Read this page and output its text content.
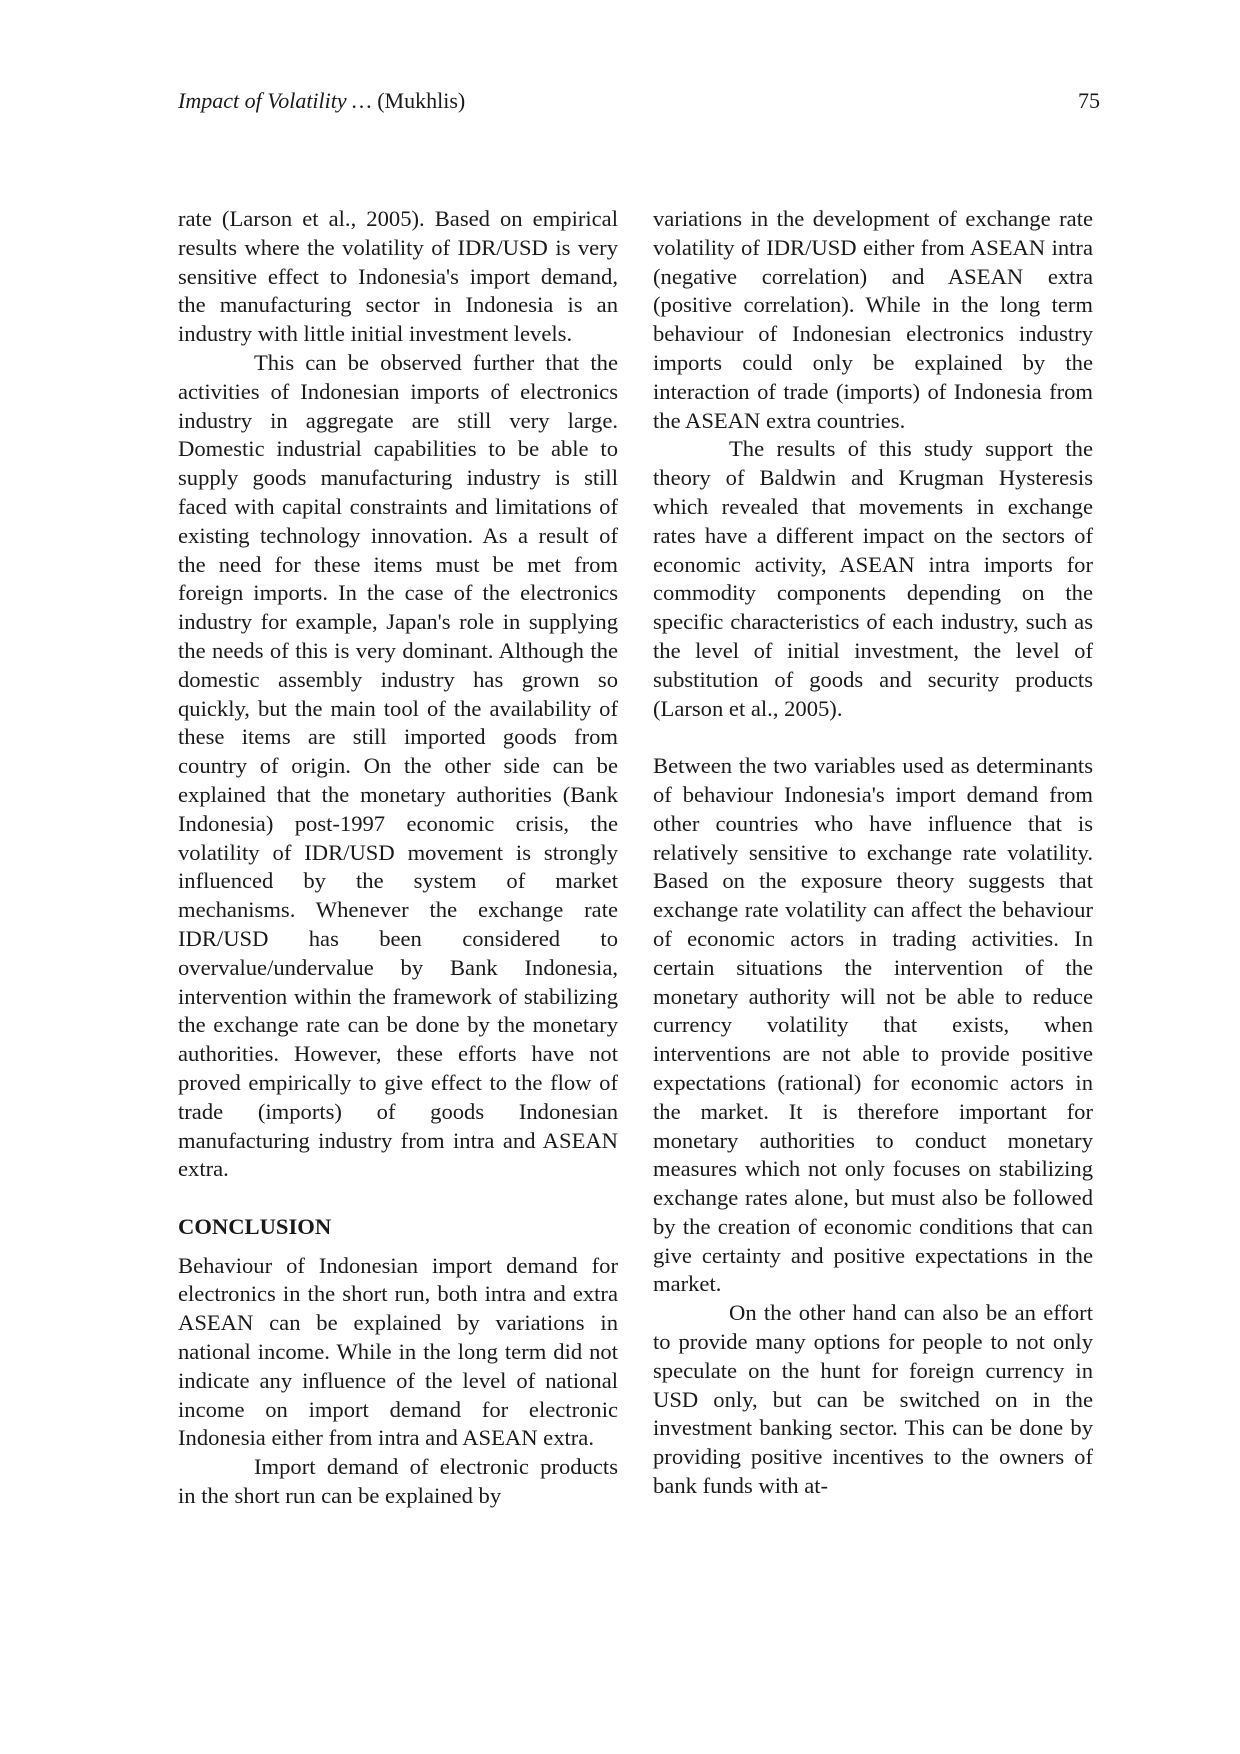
Impact of Volatility … (Mukhlis)	75

rate (Larson et al., 2005). Based on empirical results where the volatility of IDR/USD is very sensitive effect to Indonesia's import demand, the manufacturing sector in Indonesia is an industry with little initial investment levels.

This can be observed further that the activities of Indonesian imports of electronics industry in aggregate are still very large. Domestic industrial capabilities to be able to supply goods manufacturing industry is still faced with capital constraints and limitations of existing technology innovation. As a result of the need for these items must be met from foreign imports. In the case of the electronics industry for example, Japan's role in supplying the needs of this is very dominant. Although the domestic assembly industry has grown so quickly, but the main tool of the availability of these items are still imported goods from country of origin. On the other side can be explained that the monetary authorities (Bank Indonesia) post-1997 economic crisis, the volatility of IDR/USD movement is strongly influenced by the system of market mechanisms. Whenever the exchange rate IDR/USD has been considered to overvalue/undervalue by Bank Indonesia, intervention within the framework of stabilizing the exchange rate can be done by the monetary authorities. However, these efforts have not proved empirically to give effect to the flow of trade (imports) of goods Indonesian manufacturing industry from intra and ASEAN extra.

CONCLUSION

Behaviour of Indonesian import demand for electronics in the short run, both intra and extra ASEAN can be explained by variations in national income. While in the long term did not indicate any influence of the level of national income on import demand for electronic Indonesia either from intra and ASEAN extra.

Import demand of electronic products in the short run can be explained by

variations in the development of exchange rate volatility of IDR/USD either from ASEAN intra (negative correlation) and ASEAN extra (positive correlation). While in the long term behaviour of Indonesian electronics industry imports could only be explained by the interaction of trade (imports) of Indonesia from the ASEAN extra countries.

The results of this study support the theory of Baldwin and Krugman Hysteresis which revealed that movements in exchange rates have a different impact on the sectors of economic activity, ASEAN intra imports for commodity components depending on the specific characteristics of each industry, such as the level of initial investment, the level of substitution of goods and security products (Larson et al., 2005).

Between the two variables used as determinants of behaviour Indonesia's import demand from other countries who have influence that is relatively sensitive to exchange rate volatility. Based on the exposure theory suggests that exchange rate volatility can affect the behaviour of economic actors in trading activities. In certain situations the intervention of the monetary authority will not be able to reduce currency volatility that exists, when interventions are not able to provide positive expectations (rational) for economic actors in the market. It is therefore important for monetary authorities to conduct monetary measures which not only focuses on stabilizing exchange rates alone, but must also be followed by the creation of economic conditions that can give certainty and positive expectations in the market.

On the other hand can also be an effort to provide many options for people to not only speculate on the hunt for foreign currency in USD only, but can be switched on in the investment banking sector. This can be done by providing positive incentives to the owners of bank funds with at-
